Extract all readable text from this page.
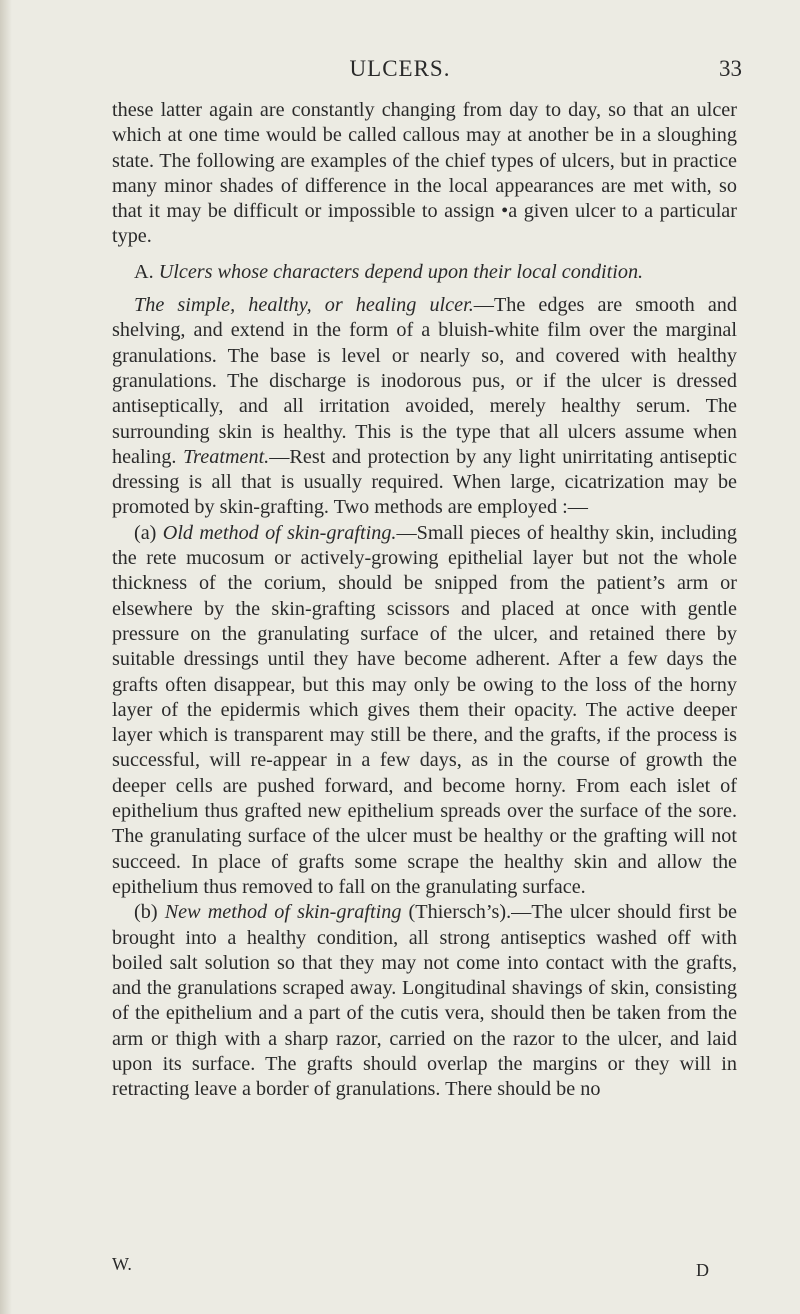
ULCERS.	33

these latter again are constantly changing from day to day, so that an ulcer which at one time would be called callous may at another be in a sloughing state. The following are examples of the chief types of ulcers, but in practice many minor shades of difference in the local appearances are met with, so that it may be difficult or impossible to assign •a given ulcer to a particular type.

A. Ulcers whose characters depend upon their local condition.

The simple, healthy, or healing ulcer.—The edges are smooth and shelving, and extend in the form of a bluish-white film over the marginal granulations. The base is level or nearly so, and covered with healthy granulations. The discharge is inodorous pus, or if the ulcer is dressed antiseptically, and all irritation avoided, merely healthy serum. The surrounding skin is healthy. This is the type that all ulcers assume when healing. Treatment.—Rest and protection by any light unirritating antiseptic dressing is all that is usually required. When large, cicatrization may be promoted by skin-grafting. Two methods are employed :—

(a) Old method of skin-grafting.—Small pieces of healthy skin, including the rete mucosum or actively-growing epithelial layer but not the whole thickness of the corium, should be snipped from the patient’s arm or elsewhere by the skin-grafting scissors and placed at once with gentle pressure on the granulating surface of the ulcer, and retained there by suitable dressings until they have become adherent. After a few days the grafts often disappear, but this may only be owing to the loss of the horny layer of the epidermis which gives them their opacity. The active deeper layer which is transparent may still be there, and the grafts, if the process is successful, will re-appear in a few days, as in the course of growth the deeper cells are pushed forward, and become horny. From each islet of epithelium thus grafted new epithelium spreads over the surface of the sore. The granulating surface of the ulcer must be healthy or the grafting will not succeed. In place of grafts some scrape the healthy skin and allow the epithelium thus removed to fall on the granulating surface.

(b) New method of skin-grafting (Thiersch’s).—The ulcer should first be brought into a healthy condition, all strong antiseptics washed off with boiled salt solution so that they may not come into contact with the grafts, and the granulations scraped away. Longitudinal shavings of skin, consisting of the epithelium and a part of the cutis vera, should then be taken from the arm or thigh with a sharp razor, carried on the razor to the ulcer, and laid upon its surface. The grafts should overlap the margins or they will in retracting leave a border of granulations. There should be no

W.	D
